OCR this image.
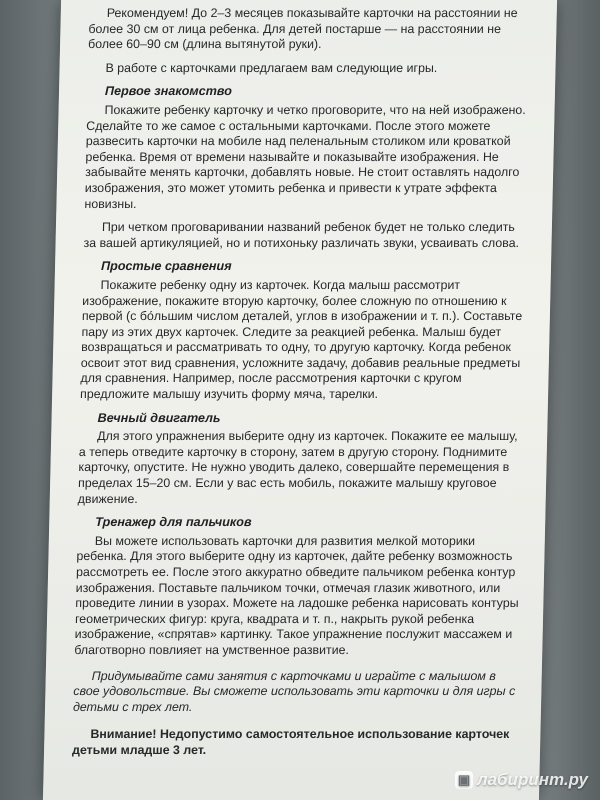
Рекомендуем! До 2–3 месяцев показывайте карточки на расстоянии не более 30 см от лица ребенка. Для детей постарше — на расстоянии не более 60–90 см (длина вытянутой руки).

В работе с карточками предлагаем вам следующие игры.

Первое знакомство

Покажите ребенку карточку и четко проговорите, что на ней изображено. Сделайте то же самое с остальными карточками. После этого можете развесить карточки на мобиле над пеленальным столиком или кроваткой ребенка. Время от времени называйте и показывайте изображения. Не забывайте менять карточки, добавлять новые. Не стоит оставлять надолго изображения, это может утомить ребенка и привести к утрате эффекта новизны.

При четком проговаривании названий ребенок будет не только следить за вашей артикуляцией, но и потихоньку различать звуки, усваивать слова.

Простые сравнения

Покажите ребенку одну из карточек. Когда малыш рассмотрит изображение, покажите вторую карточку, более сложную по отношению к первой (с бо́льшим числом деталей, углов в изображении и т. п.). Составьте пару из этих двух карточек. Следите за реакцией ребенка. Малыш будет возвращаться и рассматривать то одну, то другую карточку. Когда ребенок освоит этот вид сравнения, усложните задачу, добавив реальные предметы для сравнения. Например, после рассмотрения карточки с кругом предложите малышу изучить форму мяча, тарелки.

Вечный двигатель

Для этого упражнения выберите одну из карточек. Покажите ее малышу, а теперь отведите карточку в сторону, затем в другую сторону. Поднимите карточку, опустите. Не нужно уводить далеко, совершайте перемещения в пределах 15–20 см. Если у вас есть мобиль, покажите малышу круговое движение.

Тренажер для пальчиков

Вы можете использовать карточки для развития мелкой моторики ребенка. Для этого выберите одну из карточек, дайте ребенку возможность рассмотреть ее. После этого аккуратно обведите пальчиком ребенка контур изображения. Поставьте пальчиком точки, отмечая глазик животного, или проведите линии в узорах. Можете на ладошке ребенка нарисовать контуры геометрических фигур: круга, квадрата и т. п., накрыть рукой ребенка изображение, «спрятав» картинку. Такое упражнение послужит массажем и благотворно повлияет на умственное развитие.

Придумывайте сами занятия с карточками и играйте с малышом в свое удовольствие. Вы сможете использовать эти карточки и для игры с детьми с трех лет.

Внимание! Недопустимо самостоятельное использование карточек детьми младше 3 лет.

▣ лабиринт.ру
